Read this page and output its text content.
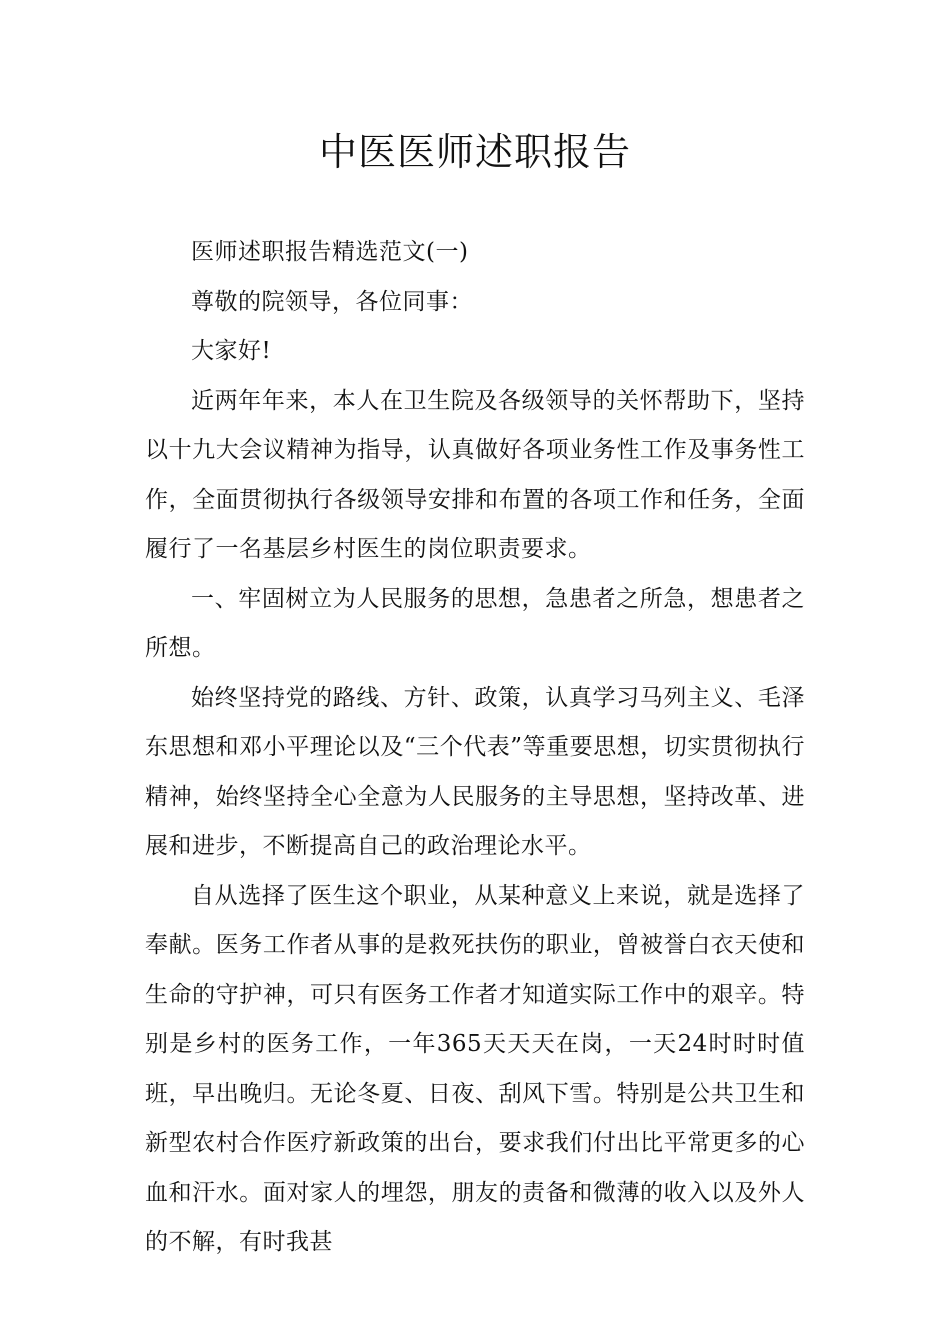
中医医师述职报告

医师述职报告精选范文(一)

尊敬的院领导，各位同事：

大家好!

近两年年来，本人在卫生院及各级领导的关怀帮助下，坚持以十九大会议精神为指导，认真做好各项业务性工作及事务性工作，全面贯彻执行各级领导安排和布置的各项工作和任务，全面履行了一名基层乡村医生的岗位职责要求。

一、牢固树立为人民服务的思想，急患者之所急，想患者之所想。

始终坚持党的路线、方针、政策，认真学习马列主义、毛泽东思想和邓小平理论以及“三个代表”等重要思想，切实贯彻执行精神，始终坚持全心全意为人民服务的主导思想，坚持改革、进展和进步，不断提高自己的政治理论水平。

自从选择了医生这个职业，从某种意义上来说，就是选择了奉献。医务工作者从事的是救死扶伤的职业，曾被誉白衣天使和生命的守护神，可只有医务工作者才知道实际工作中的艰辛。特别是乡村的医务工作，一年365天天天在岗，一天24时时时值班，早出晚归。无论冬夏、日夜、刮风下雪。特别是公共卫生和新型农村合作医疗新政策的出台，要求我们付出比平常更多的心血和汗水。面对家人的埋怨，朋友的责备和微薄的收入以及外人的不解，有时我甚
